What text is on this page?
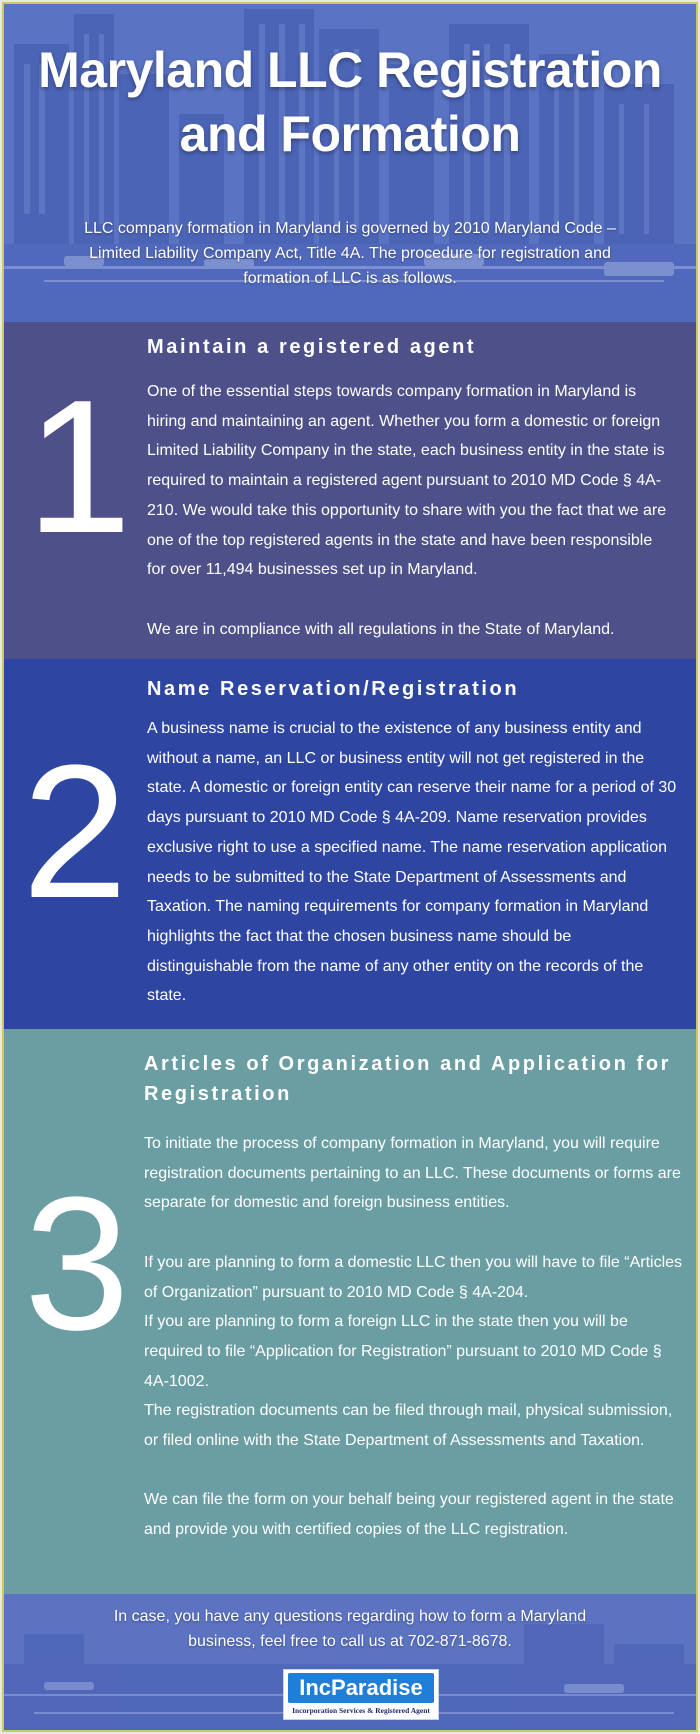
Maryland LLC Registration and Formation

LLC company formation in Maryland is governed by 2010 Maryland Code – Limited Liability Company Act, Title 4A. The procedure for registration and formation of LLC is as follows.

1
Maintain a registered agent

One of the essential steps towards company formation in Maryland is hiring and maintaining an agent. Whether you form a domestic or foreign Limited Liability Company in the state, each business entity in the state is required to maintain a registered agent pursuant to 2010 MD Code § 4A-210. We would take this opportunity to share with you the fact that we are one of the top registered agents in the state and have been responsible for over 11,494 businesses set up in Maryland.

We are in compliance with all regulations in the State of Maryland.

2
Name Reservation/Registration

A business name is crucial to the existence of any business entity and without a name, an LLC or business entity will not get registered in the state. A domestic or foreign entity can reserve their name for a period of 30 days pursuant to 2010 MD Code § 4A-209. Name reservation provides exclusive right to use a specified name. The name reservation application needs to be submitted to the State Department of Assessments and Taxation. The naming requirements for company formation in Maryland highlights the fact that the chosen business name should be distinguishable from the name of any other entity on the records of the state.

3
Articles of Organization and Application for Registration

To initiate the process of company formation in Maryland, you will require registration documents pertaining to an LLC. These documents or forms are separate for domestic and foreign business entities.

If you are planning to form a domestic LLC then you will have to file “Articles of Organization” pursuant to 2010 MD Code § 4A-204.

If you are planning to form a foreign LLC in the state then you will be required to file “Application for Registration” pursuant to 2010 MD Code § 4A-1002.

The registration documents can be filed through mail, physical submission, or filed online with the State Department of Assessments and Taxation.

We can file the form on your behalf being your registered agent in the state and provide you with certified copies of the LLC registration.

In case, you have any questions regarding how to form a Maryland business, feel free to call us at 702-871-8678.

IncParadise
Incorporation Services & Registered Agent
